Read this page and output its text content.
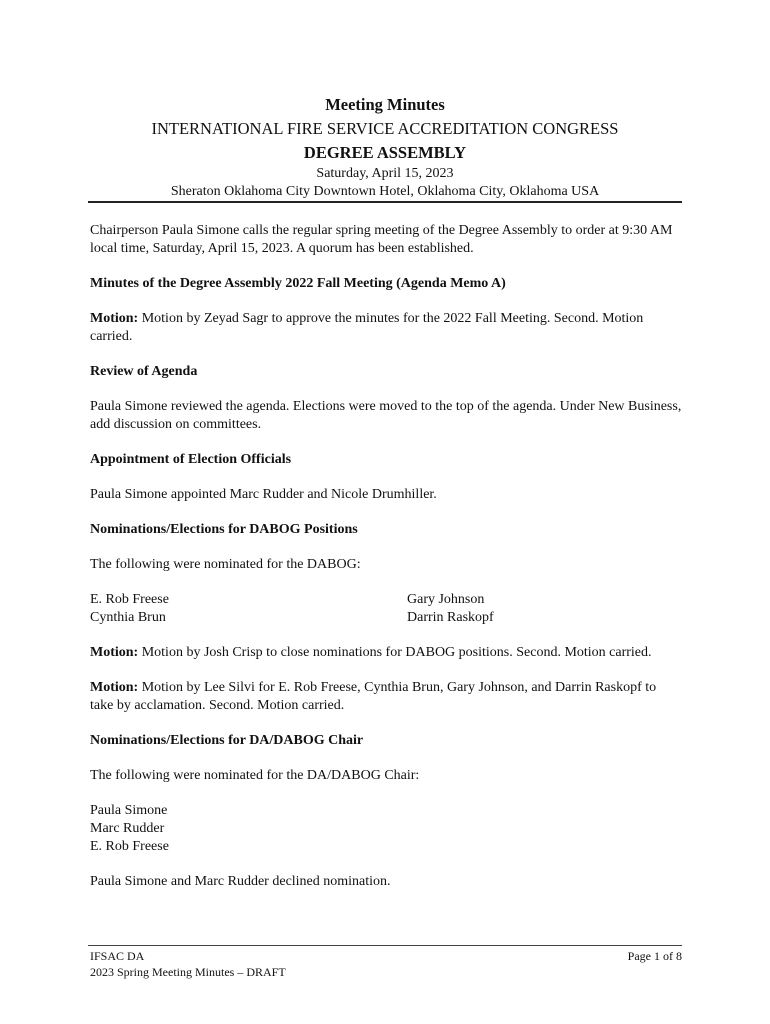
Meeting Minutes
INTERNATIONAL FIRE SERVICE ACCREDITATION CONGRESS
DEGREE ASSEMBLY
Saturday, April 15, 2023
Sheraton Oklahoma City Downtown Hotel, Oklahoma City, Oklahoma USA

Chairperson Paula Simone calls the regular spring meeting of the Degree Assembly to order at 9:30 AM local time, Saturday, April 15, 2023. A quorum has been established.

Minutes of the Degree Assembly 2022 Fall Meeting (Agenda Memo A)

Motion: Motion by Zeyad Sagr to approve the minutes for the 2022 Fall Meeting. Second. Motion carried.

Review of Agenda

Paula Simone reviewed the agenda. Elections were moved to the top of the agenda. Under New Business, add discussion on committees.

Appointment of Election Officials

Paula Simone appointed Marc Rudder and Nicole Drumhiller.

Nominations/Elections for DABOG Positions

The following were nominated for the DABOG:

E. Rob Freese
Cynthia Brun
Gary Johnson
Darrin Raskopf

Motion: Motion by Josh Crisp to close nominations for DABOG positions. Second. Motion carried.

Motion: Motion by Lee Silvi for E. Rob Freese, Cynthia Brun, Gary Johnson, and Darrin Raskopf to take by acclamation. Second. Motion carried.

Nominations/Elections for DA/DABOG Chair

The following were nominated for the DA/DABOG Chair:

Paula Simone
Marc Rudder
E. Rob Freese

Paula Simone and Marc Rudder declined nomination.

IFSAC DA
2023 Spring Meeting Minutes – DRAFT
Page 1 of 8
